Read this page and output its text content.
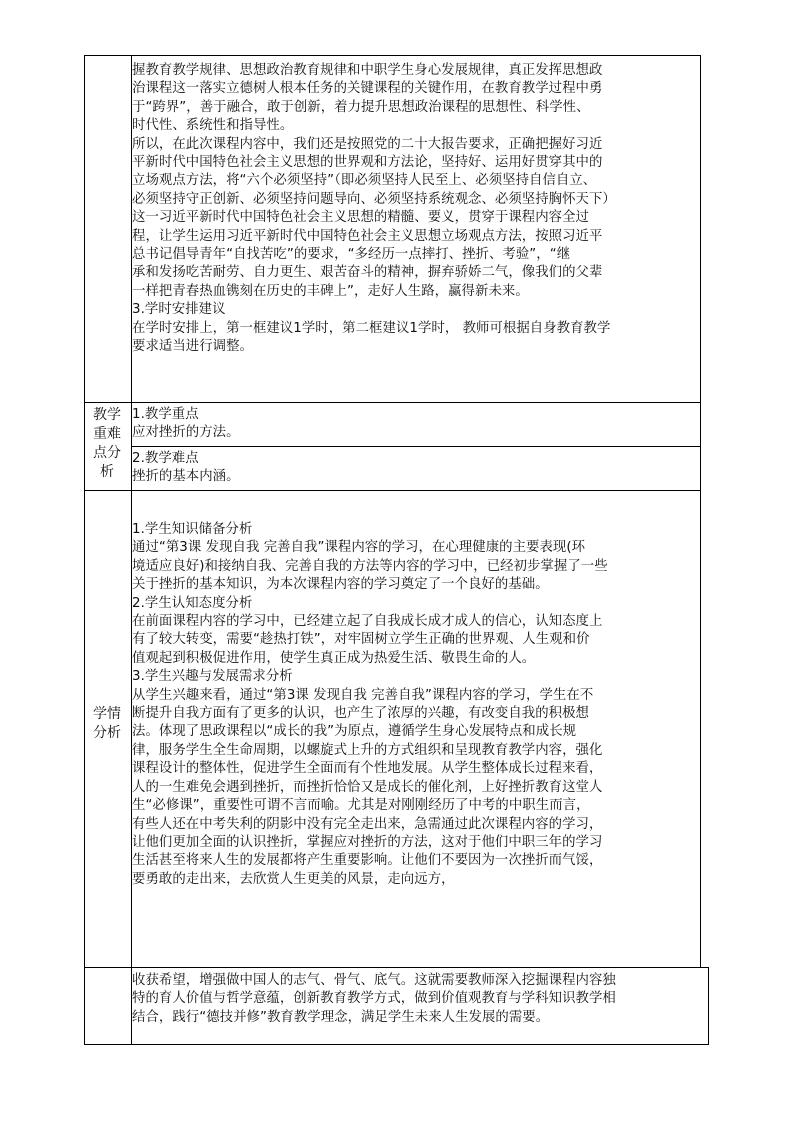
握教育教学规律、思想政治教育规律和中职学生身心发展规律，真正发挥思想政
治课程这一落实立德树人根本任务的关键课程的关键作用，在教育教学过程中勇
于“跨界”，善于融合，敢于创新，着力提升思想政治课程的思想性、科学性、
时代性、系统性和指导性。
所以，在此次课程内容中，我们还是按照党的二十大报告要求，正确把握好习近
平新时代中国特色社会主义思想的世界观和方法论，坚持好、运用好贯穿其中的
立场观点方法，将“六个必须坚持”（即必须坚持人民至上、必须坚持自信自立、
必须坚持守正创新、必须坚持问题导向、必须坚持系统观念、必须坚持胸怀天下）
这一习近平新时代中国特色社会主义思想的精髓、要义，贯穿于课程内容全过
程，让学生运用习近平新时代中国特色社会主义思想立场观点方法，按照习近平
总书记倡导青年“自找苦吃”的要求，“多经历一点摔打、挫折、考验”，“继
承和发扬吃苦耐劳、自力更生、艰苦奋斗的精神，摒弃骄娇二气，像我们的父辈
一样把青春热血镌刻在历史的丰碑上”，走好人生路，赢得新未来。
3.学时安排建议
在学时安排上，第一框建议1学时，第二框建议1学时， 教师可根据自身教育教学
要求适当进行调整。
教学
重难
点分
析
1.教学重点
应对挫折的方法。
2.教学难点
挫折的基本内涵。
学情
分析
1.学生知识储备分析
通过“第3课 发现自我 完善自我”课程内容的学习，在心理健康的主要表现(环
境适应良好)和接纳自我、完善自我的方法等内容的学习中，已经初步掌握了一些
关于挫折的基本知识，为本次课程内容的学习奠定了一个良好的基础。
2.学生认知态度分析
在前面课程内容的学习中，已经建立起了自我成长成才成人的信心，认知态度上
有了较大转变，需要“趁热打铁”，对牢固树立学生正确的世界观、人生观和价
值观起到积极促进作用，使学生真正成为热爱生活、敬畏生命的人。
3.学生兴趣与发展需求分析
从学生兴趣来看，通过“第3课 发现自我 完善自我”课程内容的学习，学生在不
断提升自我方面有了更多的认识，也产生了浓厚的兴趣，有改变自我的积极想
法。体现了思政课程以“成长的我”为原点，遵循学生身心发展特点和成长规
律，服务学生全生命周期，以螺旋式上升的方式组织和呈现教育教学内容，强化
课程设计的整体性，促进学生全面而有个性地发展。从学生整体成长过程来看，
人的一生难免会遇到挫折，而挫折恰恰又是成长的催化剂，上好挫折教育这堂人
生“必修课”，重要性可谓不言而喻。尤其是对刚刚经历了中考的中职生而言，
有些人还在中考失利的阴影中没有完全走出来，急需通过此次课程内容的学习，
让他们更加全面的认识挫折，掌握应对挫折的方法，这对于他们中职三年的学习
生活甚至将来人生的发展都将产生重要影响。让他们不要因为一次挫折而气馁，
要勇敢的走出来，去欣赏人生更美的风景，走向远方，
收获希望，增强做中国人的志气、骨气、底气。这就需要教师深入挖掘课程内容独
特的育人价值与哲学意蕴，创新教育教学方式，做到价值观教育与学科知识教学相
结合，践行“德技并修”教育教学理念，满足学生未来人生发展的需要。
